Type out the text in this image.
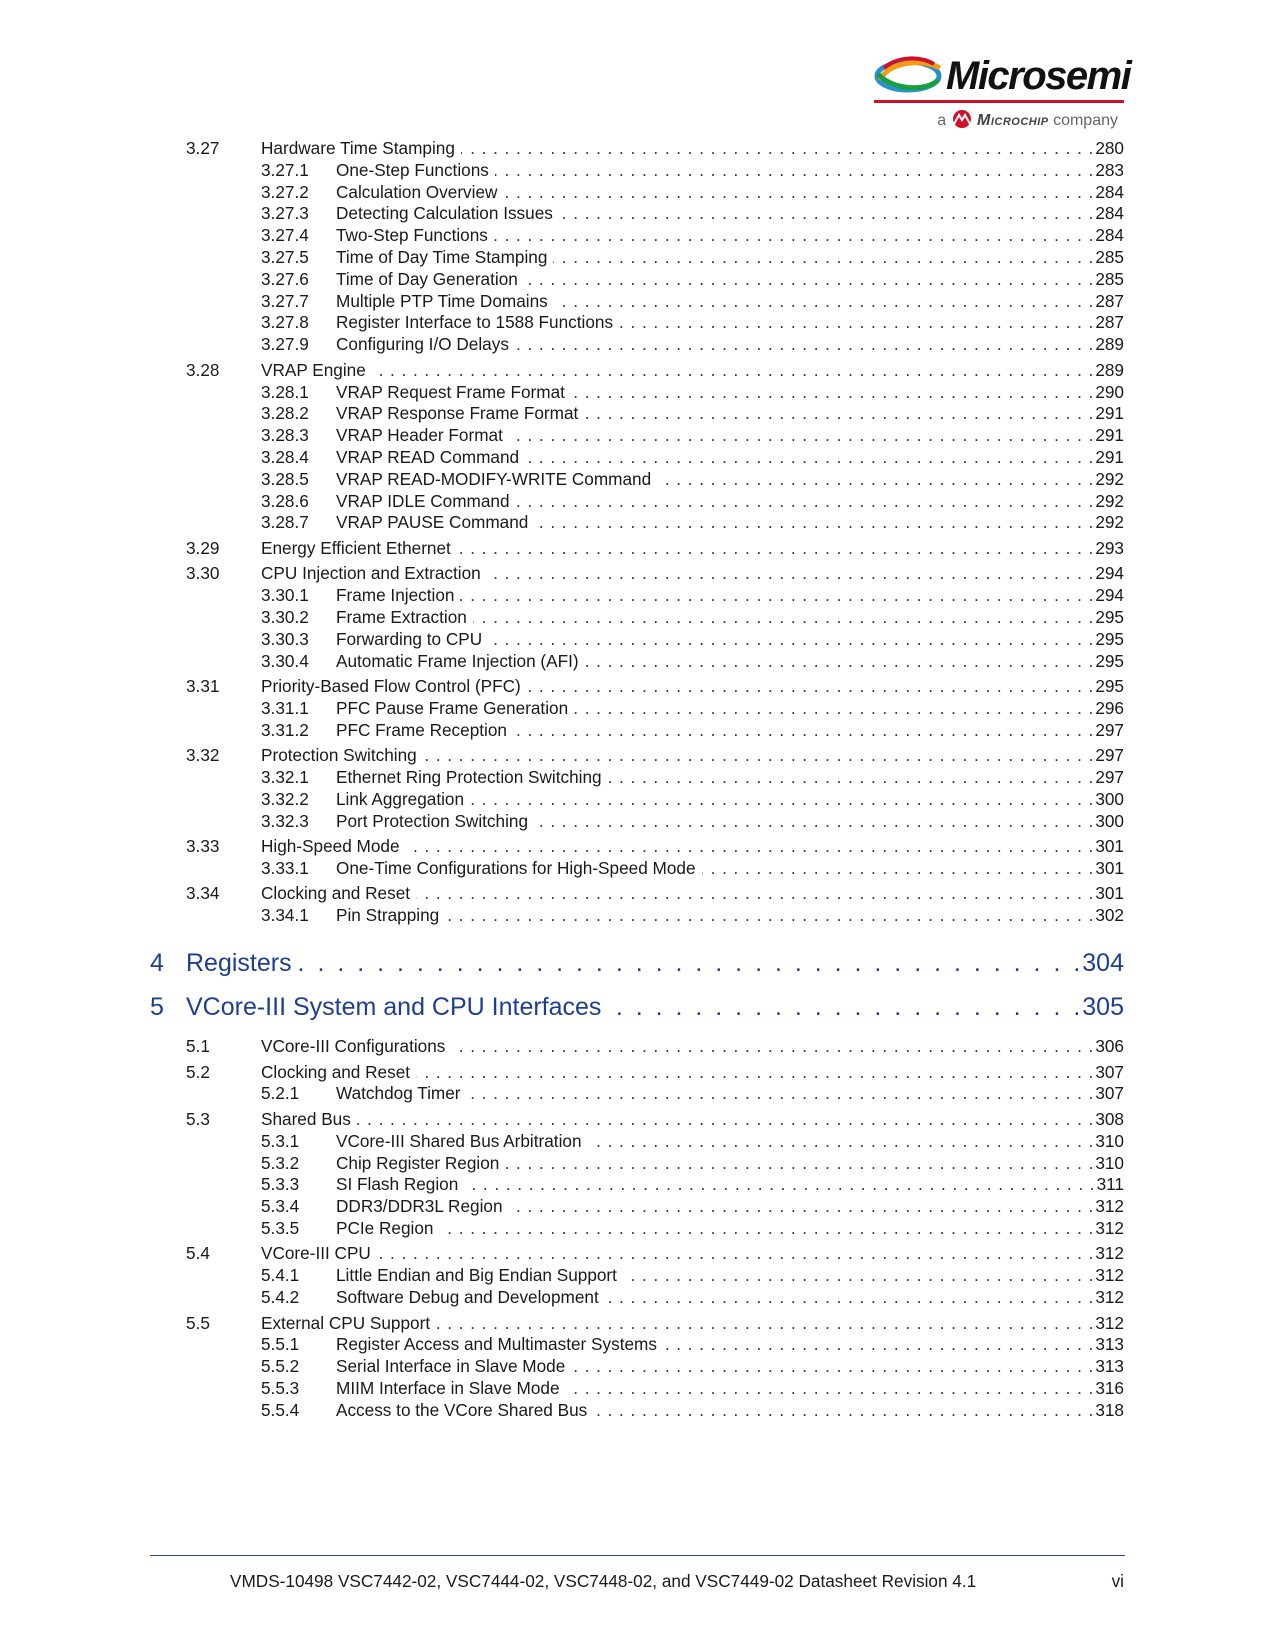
Microsemi
a Microchip company
3.27	Hardware Time Stamping . . .	280
3.27.1	One-Step Functions . . .	283
3.27.2	Calculation Overview . . .	284
3.27.3	Detecting Calculation Issues . . .	284
3.27.4	Two-Step Functions . . .	284
3.27.5	Time of Day Time Stamping . . .	285
3.27.6	Time of Day Generation . . .	285
3.27.7	Multiple PTP Time Domains . . .	287
3.27.8	Register Interface to 1588 Functions . . .	287
3.27.9	Configuring I/O Delays . . .	289
3.28	VRAP Engine . . .	289
3.28.1	VRAP Request Frame Format . . .	290
3.28.2	VRAP Response Frame Format . . .	291
3.28.3	VRAP Header Format . . .	291
3.28.4	VRAP READ Command . . .	291
3.28.5	VRAP READ-MODIFY-WRITE Command . . .	292
3.28.6	VRAP IDLE Command . . .	292
3.28.7	VRAP PAUSE Command . . .	292
3.29	Energy Efficient Ethernet . . .	293
3.30	CPU Injection and Extraction . . .	294
3.30.1	Frame Injection . . .	294
3.30.2	Frame Extraction . . .	295
3.30.3	Forwarding to CPU . . .	295
3.30.4	Automatic Frame Injection (AFI) . . .	295
3.31	Priority-Based Flow Control (PFC) . . .	295
3.31.1	PFC Pause Frame Generation . . .	296
3.31.2	PFC Frame Reception . . .	297
3.32	Protection Switching . . .	297
3.32.1	Ethernet Ring Protection Switching . . .	297
3.32.2	Link Aggregation . . .	300
3.32.3	Port Protection Switching . . .	300
3.33	High-Speed Mode . . .	301
3.33.1	One-Time Configurations for High-Speed Mode . . .	301
3.34	Clocking and Reset . . .	301
3.34.1	Pin Strapping . . .	302
4 Registers . . .	304
5 VCore-III System and CPU Interfaces . . .	305
5.1	VCore-III Configurations . . .	306
5.2	Clocking and Reset . . .	307
5.2.1	Watchdog Timer . . .	307
5.3	Shared Bus . . .	308
5.3.1	VCore-III Shared Bus Arbitration . . .	310
5.3.2	Chip Register Region . . .	310
5.3.3	SI Flash Region . . .	311
5.3.4	DDR3/DDR3L Region . . .	312
5.3.5	PCIe Region . . .	312
5.4	VCore-III CPU . . .	312
5.4.1	Little Endian and Big Endian Support . . .	312
5.4.2	Software Debug and Development . . .	312
5.5	External CPU Support . . .	312
5.5.1	Register Access and Multimaster Systems . . .	313
5.5.2	Serial Interface in Slave Mode . . .	313
5.5.3	MIIM Interface in Slave Mode . . .	316
5.5.4	Access to the VCore Shared Bus . . .	318
VMDS-10498 VSC7442-02, VSC7444-02, VSC7448-02, and VSC7449-02 Datasheet Revision 4.1	vi
